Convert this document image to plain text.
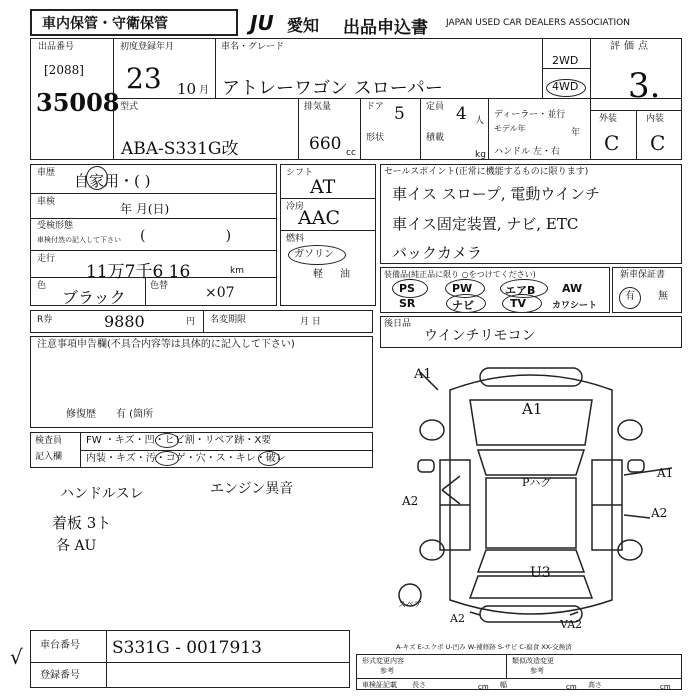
車内保管・守衛保管	JU 愛知 出品申込書 JAPAN USED CAR DEALERS ASSOCIATION
出品番号
[2088]
35008
初度登録年月
23 10 月
車名・グレード
アトレーワゴン スローパー
2WD
4WD
評価点
3.
型式
ABA-S331G改
排気量
660 cc
ドア 5
形状
定員 4 人
積載
kg
ディーラー・並行
モデル年	年
ハンドル 左・右
外装	内装
C C
車歴 自家用・( )
車検	年 月(日)
受検形態
車検付然の記入して下さい (                  )
走行
11万7千6 16	km
色
ブラック
色替	×07
シフト
AT
冷房
AAC
燃料
ガソリン
軽 油
セールスポイント(正常に機能するものに限ります)
車イス スロープ, 電動ウインチ
車イス固定装置, ナビ, ETC
バックカメラ
装備品(純正品に限り ○をつけてください)
PS	PW	エアB AW
SR	ナビ	TV	カワシート
新車保証書
有 無
R券	9880	円 名変期限	月 日	後日品
ウインチリモコン
注意事項申告欄(不具合内容等は具体的に記入して下さい)
修復歴 有 (箇所
検査員
記入欄
FW ・キズ・凹・ヒビ割・リペア跡・X要
内装・キズ・汚・コゲ・穴・ス・キレ・破レ
ハンドルスレ	エンジン異音
着板 3ト
各 AU
A1
A1
Pハグ
A2
A2
A1
U3
A2	VA2
スペア
A-キズ E-エクボ U-凹み W-補修跡 S-サビ C-腐食 XX-交換済
車台番号 S331G - 0017913
登録番号
√	形式変更内容
参考
類似改造変更
参考
車検証記載 長さ	cm 幅	cm 高さ	cm
